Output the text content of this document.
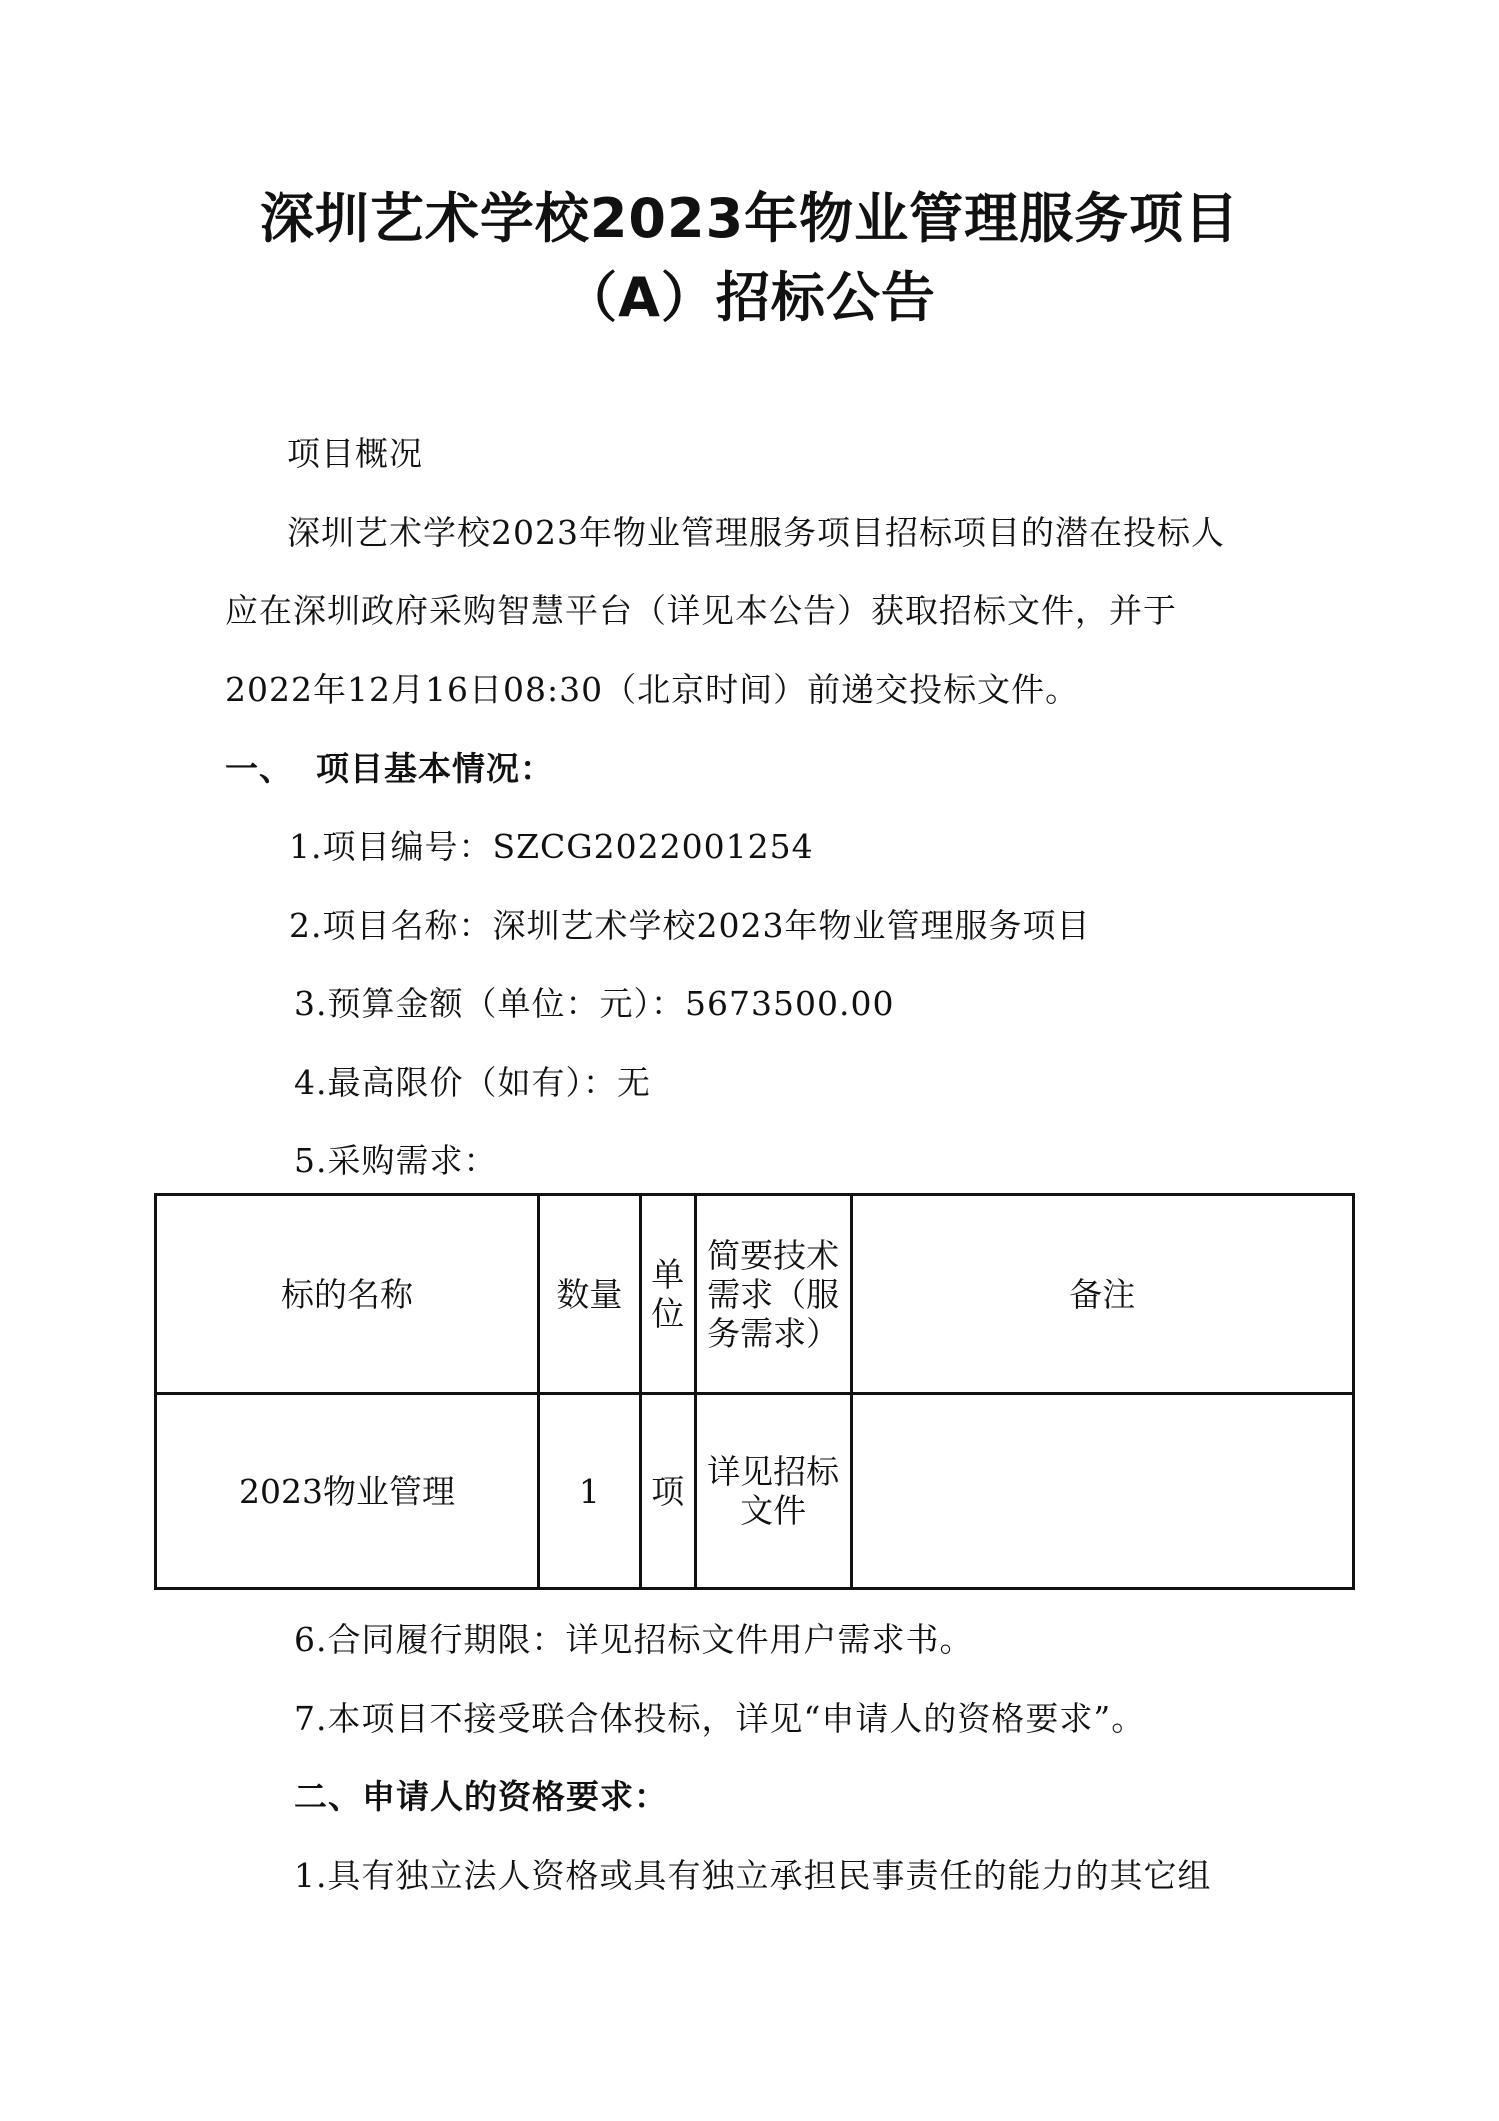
深圳艺术学校2023年物业管理服务项目
（A）招标公告
项目概况
深圳艺术学校2023年物业管理服务项目招标项目的潜在投标人
应在深圳政府采购智慧平台（详见本公告）获取招标文件，并于
2022年12月16日08:30（北京时间）前递交投标文件。
一、 项目基本情况：
1.项目编号：SZCG2022001254
2.项目名称：深圳艺术学校2023年物业管理服务项目
3.预算金额（单位：元）：5673500.00
4.最高限价（如有）：无
5.采购需求：
标的名称	数量	单位	简要技术需求（服务需求）	备注
2023物业管理	1	项	详见招标文件	
6.合同履行期限：详见招标文件用户需求书。
7.本项目不接受联合体投标，详见“申请人的资格要求”。
二、申请人的资格要求：
1.具有独立法人资格或具有独立承担民事责任的能力的其它组
